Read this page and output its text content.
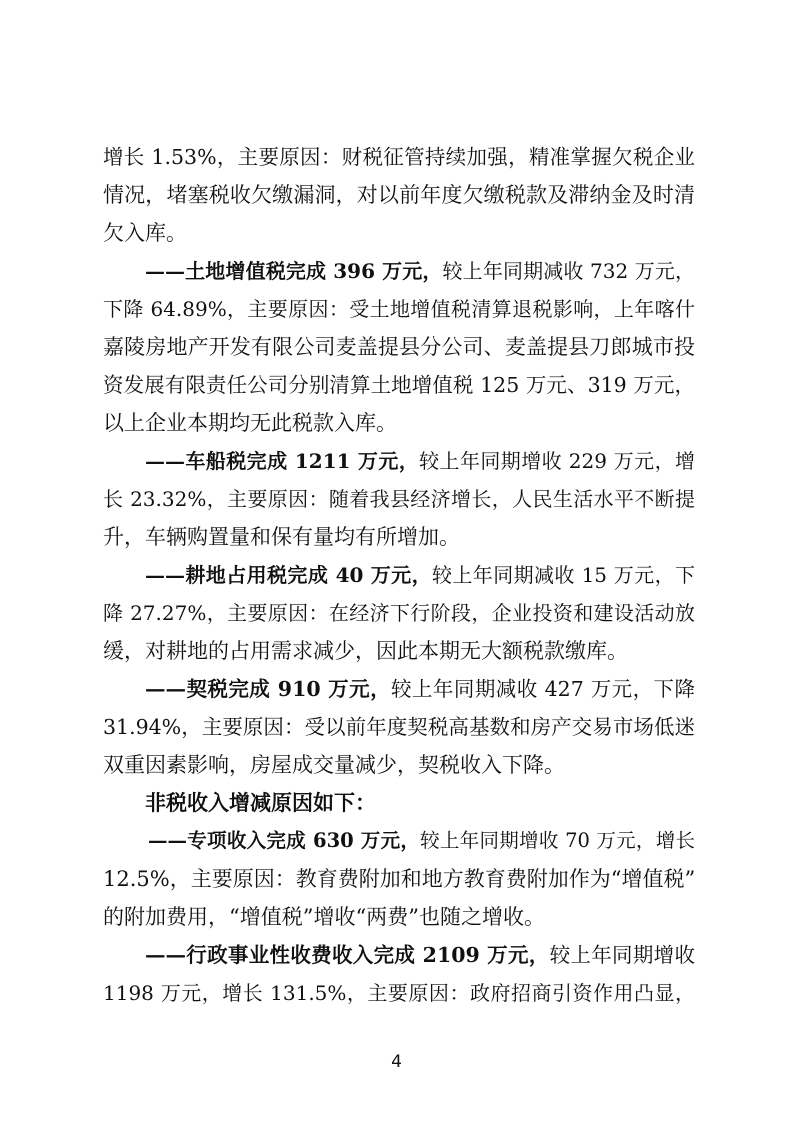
增长 1.53%，主要原因：财税征管持续加强，精准掌握欠税企业
情况，堵塞税收欠缴漏洞，对以前年度欠缴税款及滞纳金及时清
欠入库。
——土地增值税完成 396 万元，较上年同期减收 732 万元，
下降 64.89%，主要原因：受土地增值税清算退税影响，上年喀什
嘉陵房地产开发有限公司麦盖提县分公司、麦盖提县刀郎城市投
资发展有限责任公司分别清算土地增值税 125 万元、319 万元，
以上企业本期均无此税款入库。
——车船税完成 1211 万元，较上年同期增收 229 万元，增
长 23.32%，主要原因：随着我县经济增长，人民生活水平不断提
升，车辆购置量和保有量均有所增加。
——耕地占用税完成 40 万元，较上年同期减收 15 万元，下
降 27.27%，主要原因：在经济下行阶段，企业投资和建设活动放
缓，对耕地的占用需求减少，因此本期无大额税款缴库。
——契税完成 910 万元，较上年同期减收 427 万元，下降
31.94%，主要原因：受以前年度契税高基数和房产交易市场低迷
双重因素影响，房屋成交量减少，契税收入下降。
非税收入增减原因如下：
——专项收入完成 630 万元，较上年同期增收 70 万元，增长
12.5%，主要原因：教育费附加和地方教育费附加作为“增值税”
的附加费用，“增值税”增收“两费”也随之增收。
——行政事业性收费收入完成 2109 万元，较上年同期增收
1198 万元，增长 131.5%，主要原因：政府招商引资作用凸显，
4
